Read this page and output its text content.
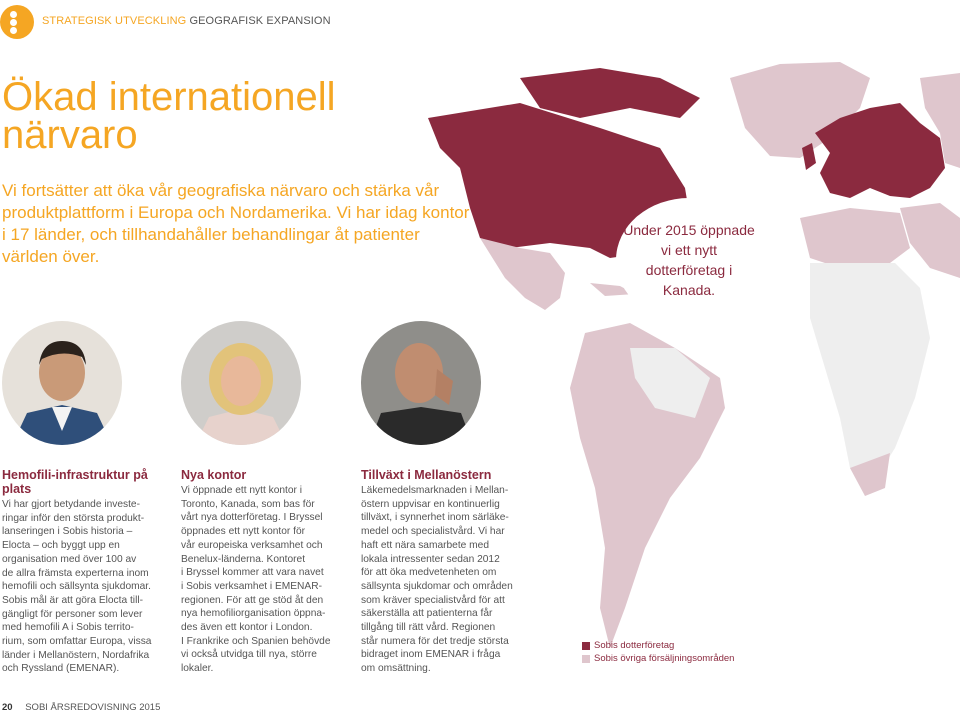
STRATEGISK UTVECKLING GEOGRAFISK EXPANSION
Ökad internationell
närvaro
Vi fortsätter att öka vår geografiska närvaro och stärka vår produktplattform i Europa och Nordamerika. Vi har idag kontor i 17 länder, och tillhandahåller behandlingar åt patienter världen över.
Under 2015 öppnade vi ett nytt dotterföretag i Kanada.
Hemofili-infrastruktur på plats
Vi har gjort betydande investe-
ringar inför den största produkt-
lanseringen i Sobis historia –
Elocta – och byggt upp en
organisation med över 100 av
de allra främsta experterna inom
hemofili och sällsynta sjukdomar.
Sobis mål är att göra Elocta till-
gängligt för personer som lever
med hemofili A i Sobis territo-
rium, som omfattar Europa, vissa
länder i Mellanöstern, Nordafrika
och Ryssland (EMENAR).
Nya kontor
Vi öppnade ett nytt kontor i
Toronto, Kanada, som bas för
vårt nya dotterföretag. I Bryssel
öppnades ett nytt kontor för
vår europeiska verksamhet och
Benelux-länderna. Kontoret
i Bryssel kommer att vara navet
i Sobis verksamhet i EMENAR-
regionen. För att ge stöd åt den
nya hemofiliorganisation öppna-
des även ett kontor i London.
I Frankrike och Spanien behövde
vi också utvidga till nya, större
lokaler.
Tillväxt i Mellanöstern
Läkemedelsmarknaden i Mellan-
östern uppvisar en kontinuerlig
tillväxt, i synnerhet inom särläke-
medel och specialistvård. Vi har
haft ett nära samarbete med
lokala intressenter sedan 2012
för att öka medvetenheten om
sällsynta sjukdomar och områden
som kräver specialistvård för att
säkerställa att patienterna får
tillgång till rätt vård. Regionen
står numera för det tredje största
bidraget inom EMENAR i fråga
om omsättning.
Sobis dotterföretag
Sobis övriga försäljningsområden
20 SOBI ÅRSREDOVISNING 2015
